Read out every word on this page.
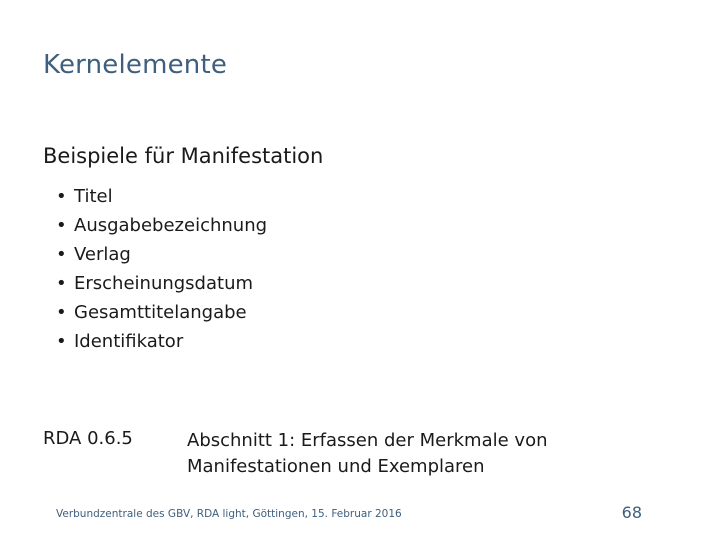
Kernelemente
Beispiele für Manifestation
• Titel
• Ausgabebezeichnung
• Verlag
• Erscheinungsdatum
• Gesamttitelangabe
• Identifikator
RDA 0.6.5	Abschnitt 1: Erfassen der Merkmale von Manifestationen und Exemplaren
Verbundzentrale des GBV, RDA light, Göttingen, 15. Februar 2016	68
